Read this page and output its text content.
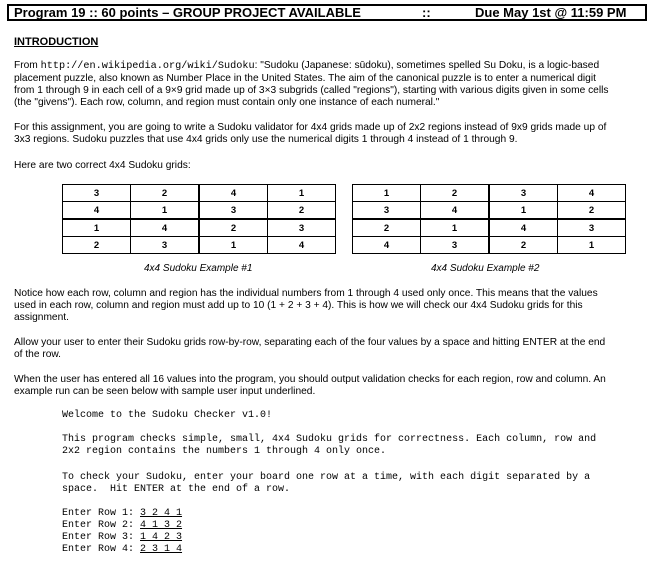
Program 19 :: 60 points – GROUP PROJECT AVAILABLE	::	Due May 1st @ 11:59 PM
INTRODUCTION
From http://en.wikipedia.org/wiki/Sudoku: "Sudoku (Japanese: sūdoku), sometimes spelled Su Doku, is a logic-based
placement puzzle, also known as Number Place in the United States. The aim of the canonical puzzle is to enter a numerical digit
from 1 through 9 in each cell of a 9×9 grid made up of 3×3 subgrids (called "regions"), starting with various digits given in some cells
(the "givens"). Each row, column, and region must contain only one instance of each numeral."
For this assignment, you are going to write a Sudoku validator for 4x4 grids made up of 2x2 regions instead of 9x9 grids made up of
3x3 regions. Sudoku puzzles that use 4x4 grids only use the numerical digits 1 through 4 instead of 1 through 9.
Here are two correct 4x4 Sudoku grids:
3	2	4	1
4	1	3	2
1	4	2	3
2	3	1	4
4x4 Sudoku Example #1
1	2	3	4
3	4	1	2
2	1	4	3
4	3	2	1
4x4 Sudoku Example #2
Notice how each row, column and region has the individual numbers from 1 through 4 used only once. This means that the values
used in each row, column and region must add up to 10 (1 + 2 + 3 + 4). This is how we will check our 4x4 Sudoku grids for this
assignment.
Allow your user to enter their Sudoku grids row-by-row, separating each of the four values by a space and hitting ENTER at the end
of the row.
When the user has entered all 16 values into the program, you should output validation checks for each region, row and column. An
example run can be seen below with sample user input underlined.
Welcome to the Sudoku Checker v1.0!
This program checks simple, small, 4x4 Sudoku grids for correctness. Each column, row and
2x2 region contains the numbers 1 through 4 only once.
To check your Sudoku, enter your board one row at a time, with each digit separated by a
space.  Hit ENTER at the end of a row.
Enter Row 1: 3 2 4 1
Enter Row 2: 4 1 3 2
Enter Row 3: 1 4 2 3
Enter Row 4: 2 3 1 4
